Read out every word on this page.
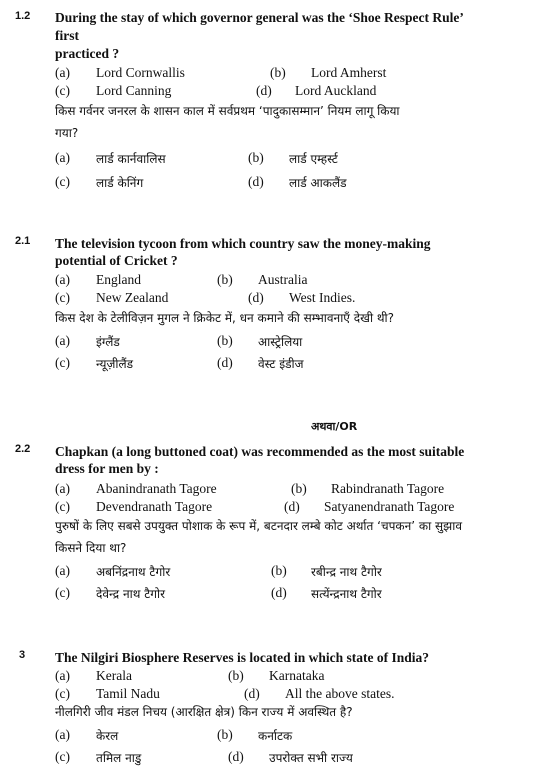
1.2 During the stay of which governor general was the ‘Shoe Respect Rule’
first
practiced ?
(a) Lord Cornwallis	(b) Lord Amherst
(c) Lord Canning	(d) Lord Auckland
किस गर्वनर जनरल के शासन काल में सर्वप्रथम ‘पादुकासम्मान’ नियम लागू किया
गया?
(a) लार्ड कार्नवालिस	(b) लार्ड एम्हर्स्ट
(c) लार्ड केनिंग	(d) लार्ड आकलैंड
2.1 The television tycoon from which country saw the money-making
potential of Cricket ?
(a) England	(b) Australia
(c) New Zealand	(d) West Indies.
किस देश के टेलीविज़न मुगल ने क्रिकेट में, धन कमाने की सम्भावनाएँ देखी थी?
(a) इंग्लैंड	(b) आस्ट्रेलिया
(c) न्यूज़ीलैंड	(d) वेस्ट इंडीज
अथवा/OR
2.2 Chapkan (a long buttoned coat) was recommended as the most suitable
dress for men by :
(a) Abanindranath Tagore	(b) Rabindranath Tagore
(c) Devendranath Tagore	(d) Satyanendranath Tagore
पुरुषों के लिए सबसे उपयुक्त पोशाक के रूप में, बटनदार लम्बे कोट अर्थात ‘चपकन’ का सुझाव
किसने दिया था?
(a) अबनिंद्रनाथ टैगोर	(b) रबीन्द्र नाथ टैगोर
(c) देवेन्द्र नाथ टैगोर	(d) सत्येंन्द्रनाथ टैगोर
3 The Nilgiri Biosphere Reserves is located in which state of India?
(a) Kerala	(b) Karnataka
(c) Tamil Nadu	(d) All the above states.
नीलगिरी जीव मंडल निचय (आरक्षित क्षेत्र) किन राज्य में अवस्थित है?
(a) केरल	(b) कर्नाटक
(c) तमिल नाडु	(d) उपरोक्त सभी राज्य
